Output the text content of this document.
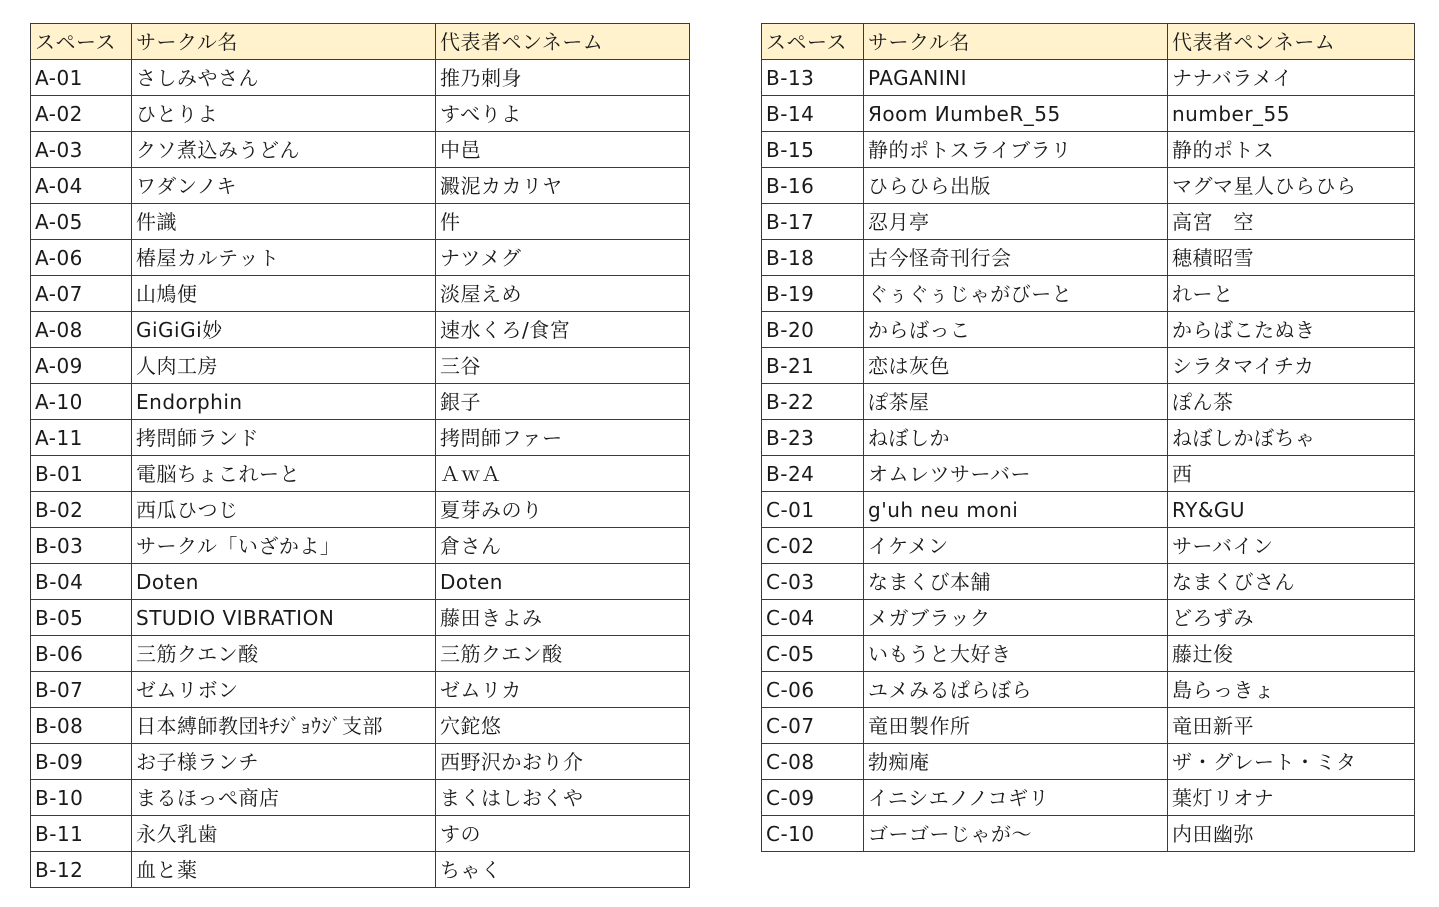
スペース	サークル名	代表者ペンネーム
A-01	さしみやさん	推乃刺身
A-02	ひとりよ	すべりよ
A-03	クソ煮込みうどん	中邑
A-04	ワダンノキ	澱泥カカリヤ
A-05	件識	件
A-06	椿屋カルテット	ナツメグ
A-07	山鳩便	淡屋えめ
A-08	GiGiGi妙	速水くろ/食宮
A-09	人肉工房	三谷
A-10	Endorphin	銀子
A-11	拷問師ランド	拷問師ファー
B-01	電脳ちょこれーと	ＡｗＡ
B-02	西瓜ひつじ	夏芽みのり
B-03	サークル「いざかよ」	倉さん
B-04	Doten	Doten
B-05	STUDIO VIBRATION	藤田きよみ
B-06	三筋クエン酸	三筋クエン酸
B-07	ゼムリボン	ゼムリカ
B-08	日本縛師教団ｷﾁｼﾞｮｳｼﾞ支部	穴鉈悠
B-09	お子様ランチ	西野沢かおり介
B-10	まるほっぺ商店	まくはしおくや
B-11	永久乳歯	すの
B-12	血と薬	ちゃく
スペース	サークル名	代表者ペンネーム
B-13	PAGANINI	ナナバラメイ
B-14	Яoom ИumbeR_55	number_55
B-15	静的ポトスライブラリ	静的ポトス
B-16	ひらひら出版	マグマ星人ひらひら
B-17	忍月亭	高宮　空
B-18	古今怪奇刊行会	穂積昭雪
B-19	ぐぅぐぅじゃがびーと	れーと
B-20	からばっこ	からばこたぬき
B-21	恋は灰色	シラタマイチカ
B-22	ぽ茶屋	ぽん茶
B-23	ねぼしか	ねぼしかぼちゃ
B-24	オムレツサーバー	西
C-01	g'uh neu moni	RY&GU
C-02	イケメン	サーバイン
C-03	なまくび本舗	なまくびさん
C-04	メガブラック	どろずみ
C-05	いもうと大好き	藤辻俊
C-06	ユメみるぱらぼら	島らっきょ
C-07	竜田製作所	竜田新平
C-08	勃痴庵	ザ・グレート・ミタ
C-09	イニシエノノコギリ	葉灯リオナ
C-10	ゴーゴーじゃが～	内田幽弥
